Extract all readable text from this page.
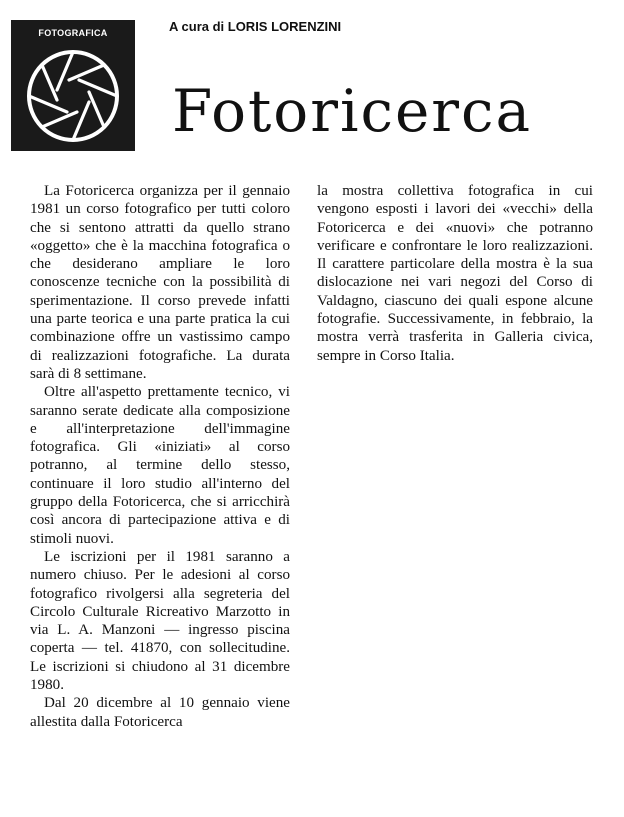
FOTOGRAFICA	A cura di LORIS LORENZINI
Fotoricerca

La Fotoricerca organizza per il gennaio 1981 un corso fotografico per tutti coloro che si sentono attratti da quello strano «oggetto» che è la macchina fotografica o che desiderano ampliare le loro conoscenze tecniche con la possibilità di sperimentazione. Il corso prevede infatti una parte teorica e una parte pratica la cui combinazione offre un vastissimo campo di realizzazioni fotografiche. La durata sarà di 8 settimane.

Oltre all'aspetto prettamente tecnico, vi saranno serate dedicate alla composizione e all'interpretazione dell'immagine fotografica. Gli «iniziati» al corso potranno, al termine dello stesso, continuare il loro studio all'interno del gruppo della Fotoricerca, che si arricchirà così ancora di partecipazione attiva e di stimoli nuovi.

Le iscrizioni per il 1981 saranno a numero chiuso. Per le adesioni al corso fotografico rivolgersi alla segreteria del Circolo Culturale Ricreativo Marzotto in via L. A. Manzoni — ingresso piscina coperta — tel. 41870, con sollecitudine. Le iscrizioni si chiudono al 31 dicembre 1980.

Dal 20 dicembre al 10 gennaio viene allestita dalla Fotoricerca

la mostra collettiva fotografica in cui vengono esposti i lavori dei «vecchi» della Fotoricerca e dei «nuovi» che potranno verificare e confrontare le loro realizzazioni. Il carattere particolare della mostra è la sua dislocazione nei vari negozi del Corso di Valdagno, ciascuno dei quali espone alcune fotografie. Successivamente, in febbraio, la mostra verrà trasferita in Galleria civica, sempre in Corso Italia.
